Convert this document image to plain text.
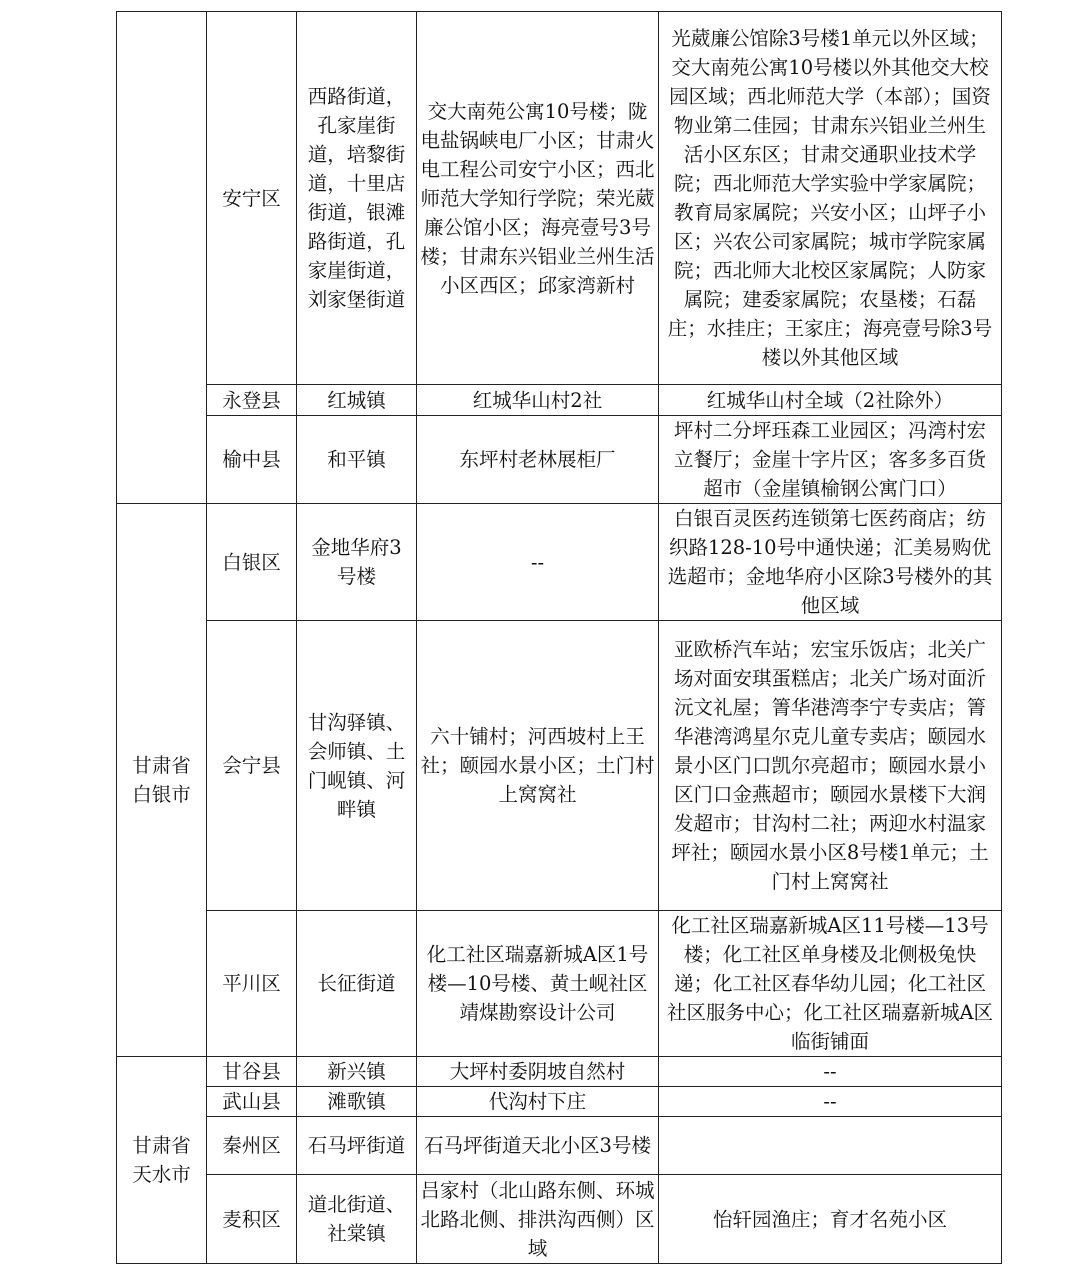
	安宁区	西路街道，孔家崖街道，培黎街道，十里店街道，银滩路街道，孔家崖街道，刘家堡街道	交大南苑公寓10号楼；陇电盐锅峡电厂小区；甘肃火电工程公司安宁小区；西北师范大学知行学院；荣光葳廉公馆小区；海亮壹号3号楼；甘肃东兴铝业兰州生活小区西区；邱家湾新村	光葳廉公馆除3号楼1单元以外区域；交大南苑公寓10号楼以外其他交大校园区域；西北师范大学（本部）；国资物业第二佳园；甘肃东兴铝业兰州生活小区东区；甘肃交通职业技术学院；西北师范大学实验中学家属院；教育局家属院；兴安小区；山坪子小区；兴农公司家属院；城市学院家属院；西北师大北校区家属院；人防家属院；建委家属院；农垦楼；石磊庄；水挂庄；王家庄；海亮壹号除3号楼以外其他区域
	永登县	红城镇	红城华山村2社	红城华山村全域（2社除外）
	榆中县	和平镇	东坪村老林展柜厂	坪村二分坪珏森工业园区；冯湾村宏立餐厅；金崖十字片区；客多多百货超市（金崖镇榆钢公寓门口）
甘肃省白银市	白银区	金地华府3号楼	--	白银百灵医药连锁第七医药商店；纺织路128-10号中通快递；汇美易购优选超市；金地华府小区除3号楼外的其他区域
	会宁县	甘沟驿镇、会师镇、土门岘镇、河畔镇	六十铺村；河西坡村上王社；颐园水景小区；土门村上窝窝社	亚欧桥汽车站；宏宝乐饭店；北关广场对面安琪蛋糕店；北关广场对面沂沅文礼屋；箐华港湾李宁专卖店；箐华港湾鸿星尔克儿童专卖店；颐园水景小区门口凯尔亮超市；颐园水景小区门口金燕超市；颐园水景楼下大润发超市；甘沟村二社；两迎水村温家坪社；颐园水景小区8号楼1单元；土门村上窝窝社
	平川区	长征街道	化工社区瑞嘉新城A区1号楼—10号楼、黄土岘社区靖煤勘察设计公司	化工社区瑞嘉新城A区11号楼—13号楼；化工社区单身楼及北侧极兔快递；化工社区春华幼儿园；化工社区社区服务中心；化工社区瑞嘉新城A区临街铺面
甘肃省天水市	甘谷县	新兴镇	大坪村委阴坡自然村	--
	武山县	滩歌镇	代沟村下庄	--
	秦州区	石马坪街道	石马坪街道天北小区3号楼	
	麦积区	道北街道、社棠镇	吕家村（北山路东侧、环城北路北侧、排洪沟西侧）区域	怡轩园渔庄；育才名苑小区
